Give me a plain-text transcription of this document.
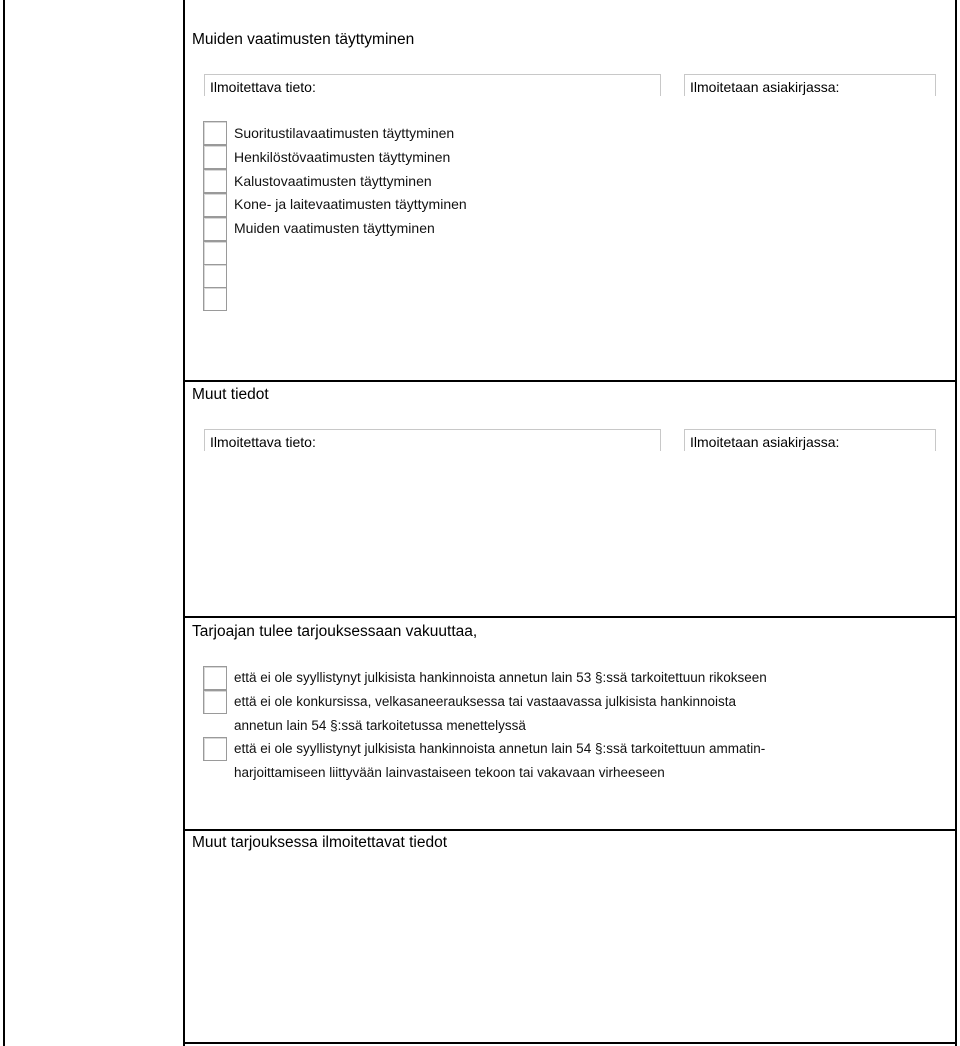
Muiden vaatimusten täyttyminen
Ilmoitettava tieto:	Ilmoitetaan asiakirjassa:
Suoritustilavaatimusten täyttyminen
Henkilöstövaatimusten täyttyminen
Kalustovaatimusten täyttyminen
Kone- ja laitevaatimusten täyttyminen
Muiden vaatimusten täyttyminen
Muut tiedot
Ilmoitettava tieto:	Ilmoitetaan asiakirjassa:
Tarjoajan tulee tarjouksessaan vakuuttaa,
että ei ole syyllistynyt julkisista hankinnoista annetun lain 53 §:ssä tarkoitettuun rikokseen
että ei ole konkursissa, velkasaneerauksessa tai vastaavassa julkisista hankinnoista
annetun lain 54 §:ssä tarkoitetussa menettelyssä
että ei ole syyllistynyt julkisista hankinnoista annetun lain 54 §:ssä tarkoitettuun ammatin-
harjoittamiseen liittyvään lainvastaiseen tekoon tai vakavaan virheeseen
Muut tarjouksessa ilmoitettavat tiedot
